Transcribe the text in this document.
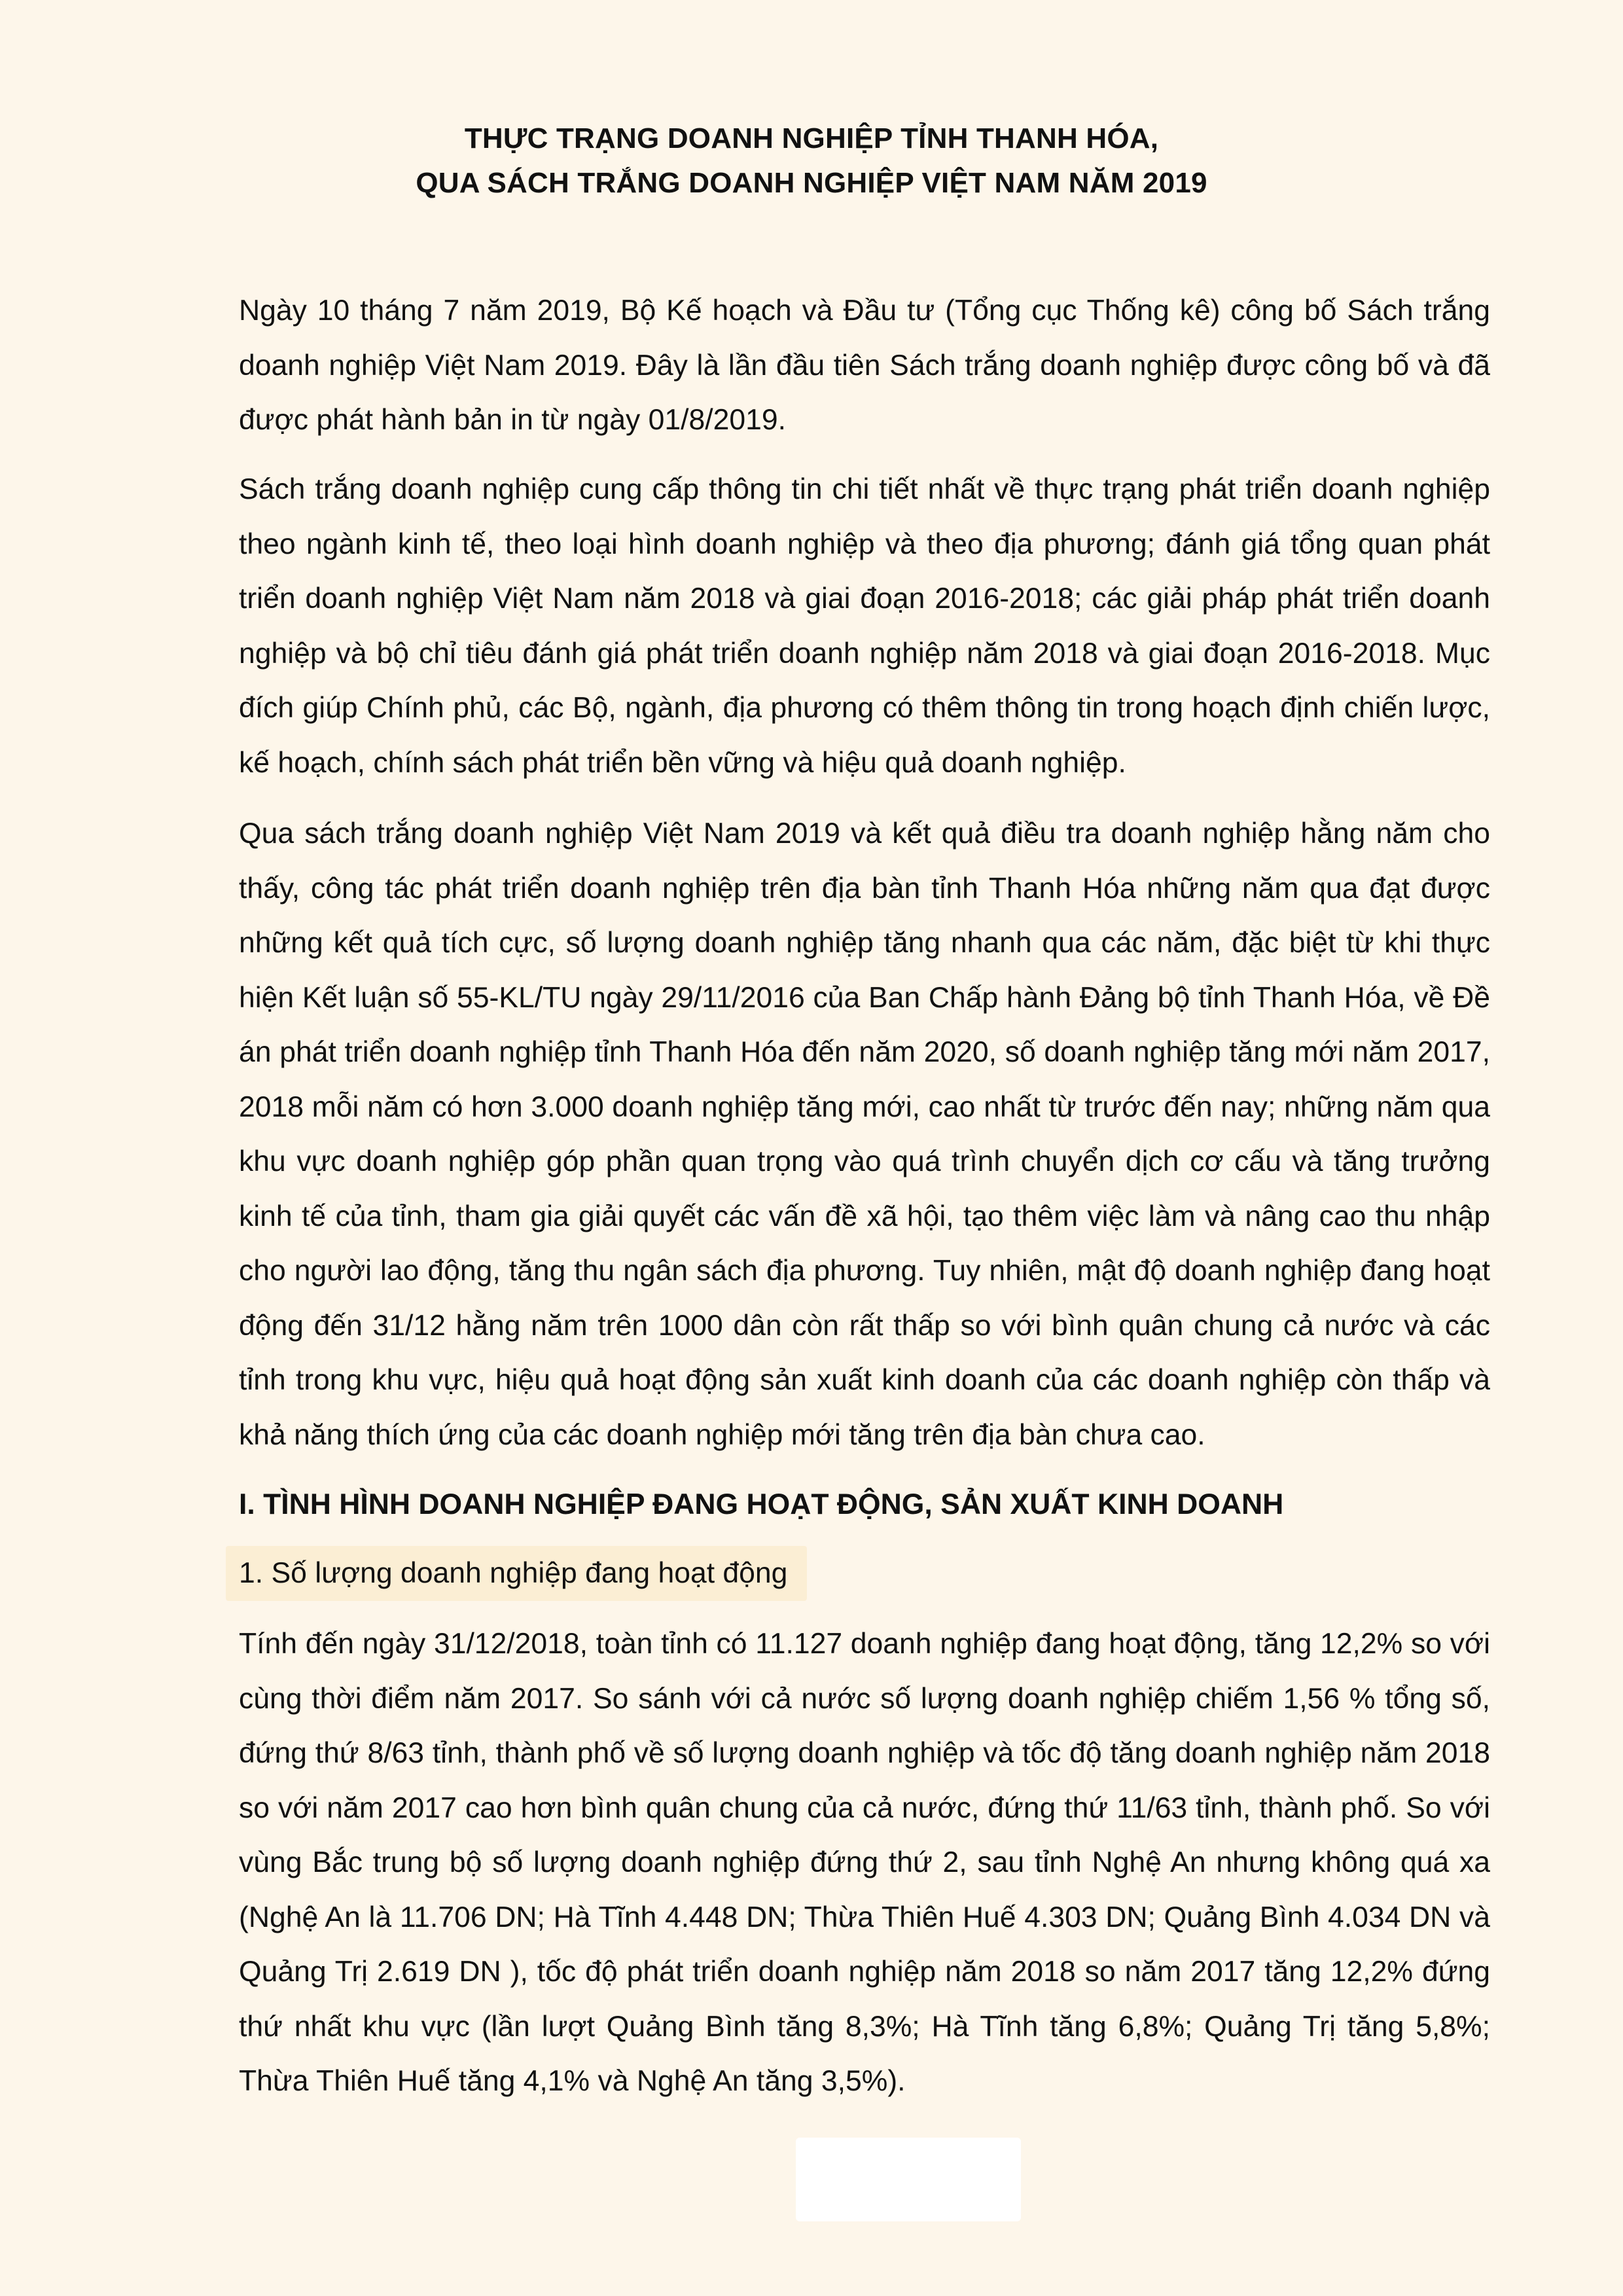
THỰC TRẠNG DOANH NGHIỆP TỈNH THANH HÓA,
QUA SÁCH TRẮNG DOANH NGHIỆP VIỆT NAM NĂM 2019

Ngày 10 tháng 7 năm 2019, Bộ Kế hoạch và Đầu tư (Tổng cục Thống kê) công bố Sách trắng doanh nghiệp Việt Nam 2019. Đây là lần đầu tiên Sách trắng doanh nghiệp được công bố và đã được phát hành bản in từ ngày 01/8/2019.

Sách trắng doanh nghiệp cung cấp thông tin chi tiết nhất về thực trạng phát triển doanh nghiệp theo ngành kinh tế, theo loại hình doanh nghiệp và theo địa phương; đánh giá tổng quan phát triển doanh nghiệp Việt Nam năm 2018 và giai đoạn 2016-2018; các giải pháp phát triển doanh nghiệp và bộ chỉ tiêu đánh giá phát triển doanh nghiệp năm 2018 và giai đoạn 2016-2018. Mục đích giúp Chính phủ, các Bộ, ngành, địa phương có thêm thông tin trong hoạch định chiến lược, kế hoạch, chính sách phát triển bền vững và hiệu quả doanh nghiệp.

Qua sách trắng doanh nghiệp Việt Nam 2019 và kết quả điều tra doanh nghiệp hằng năm cho thấy, công tác phát triển doanh nghiệp trên địa bàn tỉnh Thanh Hóa những năm qua đạt được những kết quả tích cực, số lượng doanh nghiệp tăng nhanh qua các năm, đặc biệt từ khi thực hiện Kết luận số 55-KL/TU ngày 29/11/2016 của Ban Chấp hành Đảng bộ tỉnh Thanh Hóa, về Đề án phát triển doanh nghiệp tỉnh Thanh Hóa đến năm 2020, số doanh nghiệp tăng mới năm 2017, 2018 mỗi năm có hơn 3.000 doanh nghiệp tăng mới, cao nhất từ trước đến nay; những năm qua khu vực doanh nghiệp góp phần quan trọng vào quá trình chuyển dịch cơ cấu và tăng trưởng kinh tế của tỉnh, tham gia giải quyết các vấn đề xã hội, tạo thêm việc làm và nâng cao thu nhập cho người lao động, tăng thu ngân sách địa phương. Tuy nhiên, mật độ doanh nghiệp đang hoạt động đến 31/12 hằng năm trên 1000 dân còn rất thấp so với bình quân chung cả nước và các tỉnh trong khu vực, hiệu quả hoạt động sản xuất kinh doanh của các doanh nghiệp còn thấp và khả năng thích ứng của các doanh nghiệp mới tăng trên địa bàn chưa cao.

I. TÌNH HÌNH DOANH NGHIỆP ĐANG HOẠT ĐỘNG, SẢN XUẤT KINH DOANH
1. Số lượng doanh nghiệp đang hoạt động

Tính đến ngày 31/12/2018, toàn tỉnh có 11.127 doanh nghiệp đang hoạt động, tăng 12,2% so với cùng thời điểm năm 2017. So sánh với cả nước số lượng doanh nghiệp chiếm 1,56 % tổng số, đứng thứ 8/63 tỉnh, thành phố về số lượng doanh nghiệp và tốc độ tăng doanh nghiệp năm 2018 so với năm 2017 cao hơn bình quân chung của cả nước, đứng thứ 11/63 tỉnh, thành phố. So với vùng Bắc trung bộ số lượng doanh nghiệp đứng thứ 2, sau tỉnh Nghệ An nhưng không quá xa (Nghệ An là 11.706 DN; Hà Tĩnh 4.448 DN; Thừa Thiên Huế 4.303 DN; Quảng Bình 4.034 DN và Quảng Trị 2.619 DN ), tốc độ phát triển doanh nghiệp năm 2018 so năm 2017 tăng 12,2% đứng thứ nhất khu vực (lần lượt Quảng Bình tăng 8,3%; Hà Tĩnh tăng 6,8%; Quảng Trị tăng 5,8%; Thừa Thiên Huế tăng 4,1% và Nghệ An tăng 3,5%).
